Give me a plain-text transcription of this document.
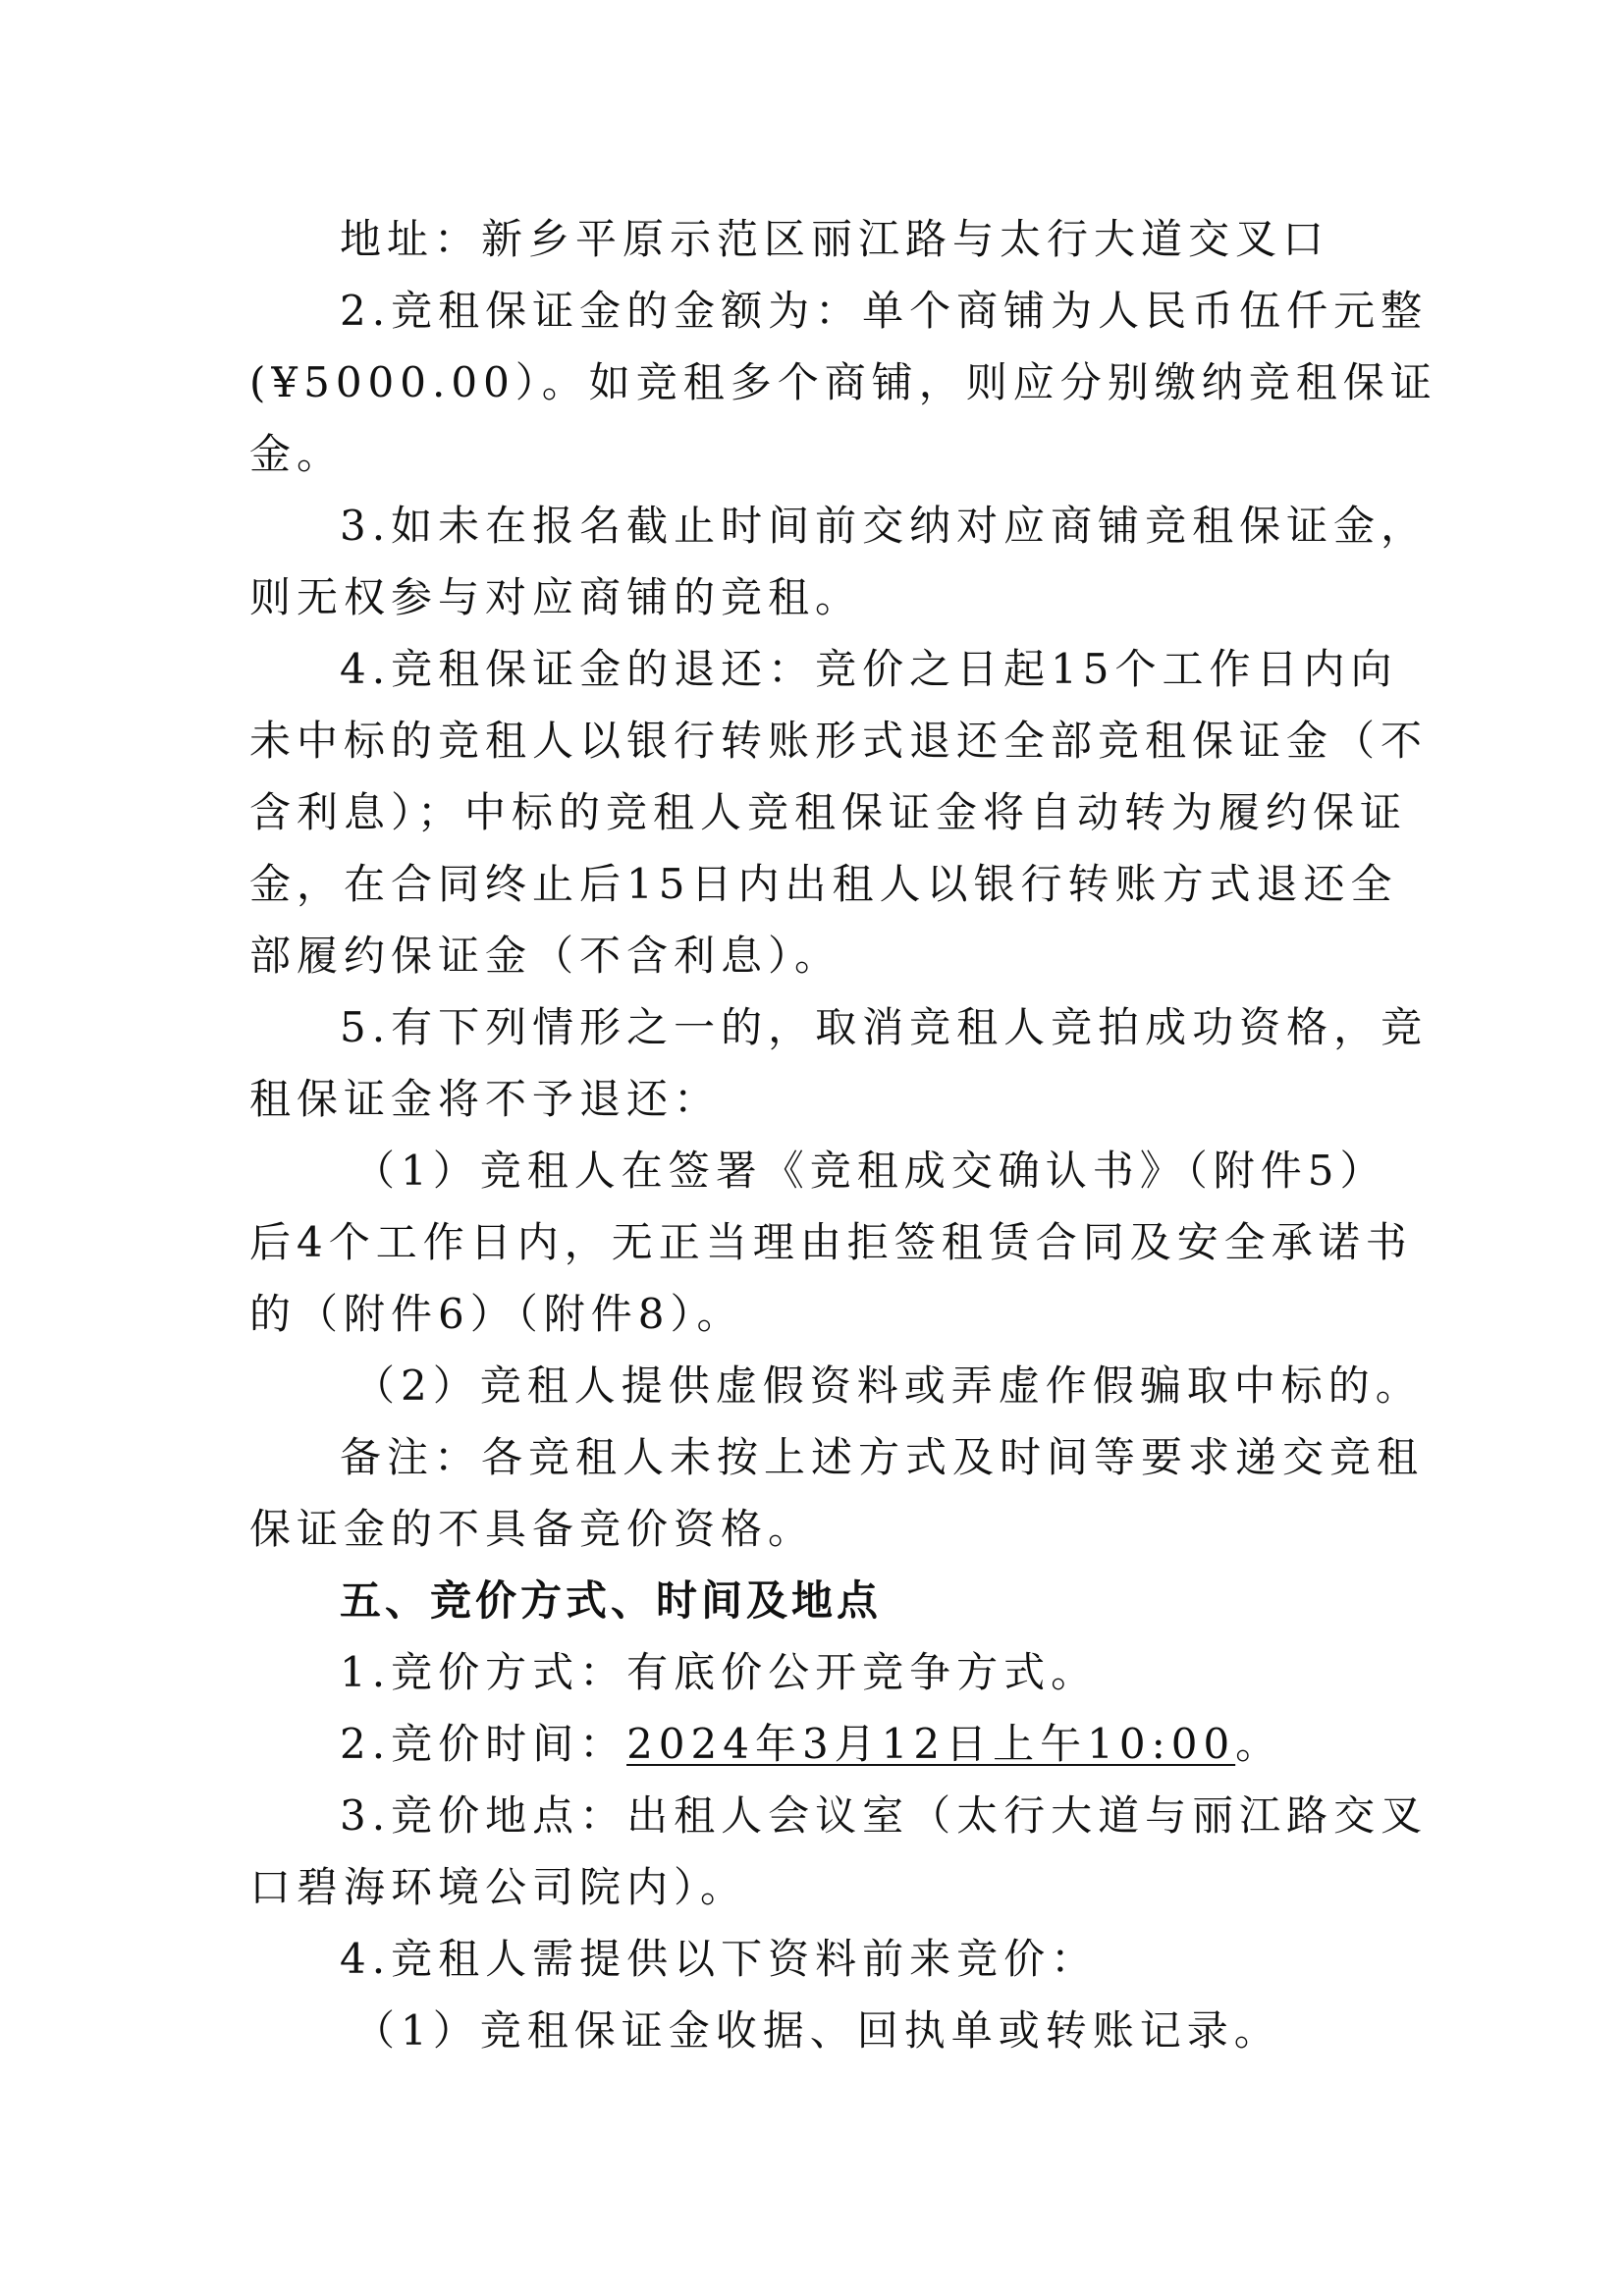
地址：新乡平原示范区丽江路与太行大道交叉口
2.竞租保证金的金额为：单个商铺为人民币伍仟元整
(¥5000.00）。如竞租多个商铺，则应分别缴纳竞租保证
金。
3.如未在报名截止时间前交纳对应商铺竞租保证金，
则无权参与对应商铺的竞租。
4.竞租保证金的退还：竞价之日起15个工作日内向
未中标的竞租人以银行转账形式退还全部竞租保证金（不
含利息）；中标的竞租人竞租保证金将自动转为履约保证
金，在合同终止后15日内出租人以银行转账方式退还全
部履约保证金（不含利息）。
5.有下列情形之一的，取消竞租人竞拍成功资格，竞
租保证金将不予退还：
（1）竞租人在签署《竞租成交确认书》（附件5）
后4个工作日内，无正当理由拒签租赁合同及安全承诺书
的（附件6）（附件8）。
（2）竞租人提供虚假资料或弄虚作假骗取中标的。
备注：各竞租人未按上述方式及时间等要求递交竞租
保证金的不具备竞价资格。
五、竞价方式、时间及地点
1.竞价方式：有底价公开竞争方式。
2.竞价时间：2024年3月12日上午10:00。
3.竞价地点：出租人会议室（太行大道与丽江路交叉
口碧海环境公司院内）。
4.竞租人需提供以下资料前来竞价：
（1）竞租保证金收据、回执单或转账记录。
